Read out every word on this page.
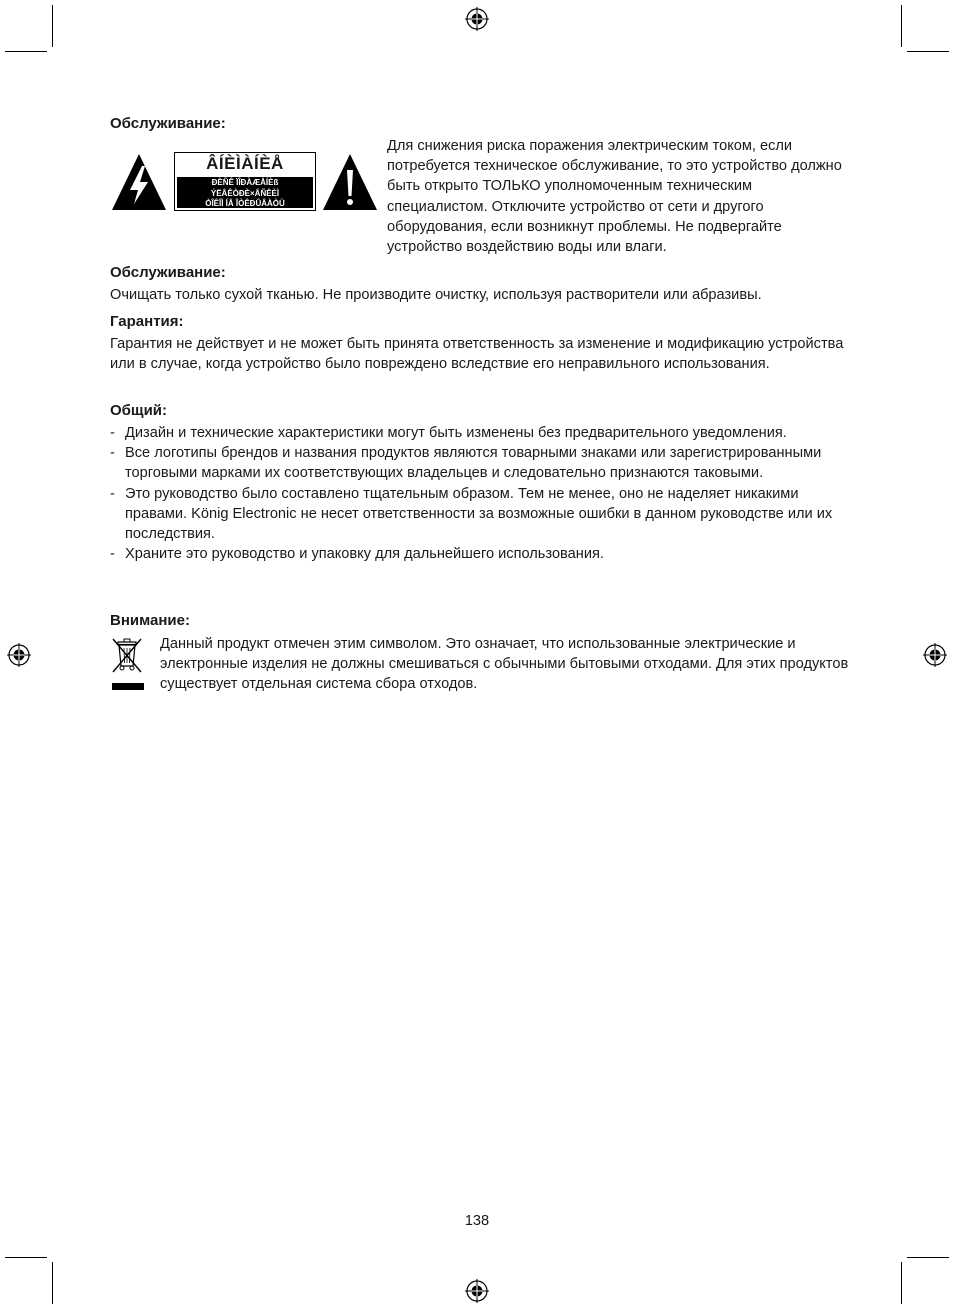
Обслуживание:
ÂÍÈÌÀÍÈÅ
ÐÈÑÊ ÏÎÐÀÆÅÍÈß
ÝËÅÊÒÐÈ×ÅÑÊÈÌ
ÒÎÊÎÌ ÍÅ ÎÒÊÐÛÂÀÒÜ

Для снижения риска поражения электрическим током, если потребуется техническое обслуживание, то это устройство должно быть открыто ТОЛЬКО уполномоченным техническим специалистом. Отключите устройство от сети и другого оборудования, если возникнут проблемы. Не подвергайте устройство воздействию воды или влаги.

Обслуживание:

Очищать только сухой тканью. Не производите очистку, используя растворители или абразивы.

Гарантия:

Гарантия не действует и не может быть принята ответственность за изменение и модификацию устройства или в случае, когда устройство было повреждено вследствие его неправильного использования.

Общий:
- Дизайн и технические характеристики могут быть изменены без предварительного уведомления.
- Все логотипы брендов и названия продуктов являются товарными знаками или зарегистрированными торговыми марками их соответствующих владельцев и следовательно признаются таковыми.
- Это руководство было составлено тщательным образом. Тем не менее, оно не наделяет никакими правами. König Electronic не несет ответственности за возможные ошибки в данном руководстве или их последствия.
- Храните это руководство и упаковку для дальнейшего использования.
Внимание:

Данный продукт отмечен этим символом. Это означает, что использованные электрические и электронные изделия не должны смешиваться с обычными бытовыми отходами. Для этих продуктов существует отдельная система сбора отходов.

138
